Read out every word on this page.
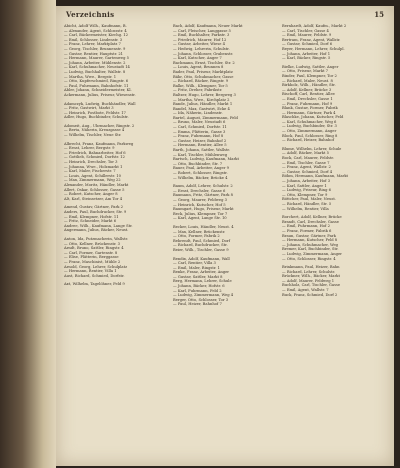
Verzeichnis	15
Abicht, Adolf Wilh., Kaufmann, B.
— Alexander, Agent, Schlossstr. 4
— Carl, Bäckermeister, Kirchg. 12
— Emil, Schlosser, Lindenstr. 3
— Franz, Lehrer, Marktplatz 7
— Georg, Tischler, Brunnenstr. 9
— Gustav, Rentier, Hauptstr. 21
— Hermann, Maurer, Gartenweg 5
— Johann, Arbeiter, Mühlenstr. 2
— Karl, Schuhmacher, Neustadt 14
— Ludwig, Buchhalter, Wallstr. 8
— Martha, Wwe., Bergstr. 1
— Otto, Kupferschmied, Ringstr. 6
— Paul, Fuhrmann, Bahnhofstr. 11
Abler, Johann, Schneidermeister, Kl.
Ackermann, Julius, Friseur, Wiesenstr.
Adamczyk, Ludwig, Buchhändler, Wall
— Fritz, Gastwirt, Markt 3
— Heinrich, Postbote, Feldstr. 17
Adler, Hugo, Buchbinder, Schulstr.
Adomeit, Aug., Uhrmacher, Ringstr. 2
— Berta, Näherin, Kreuzgasse 4
— Wilhelm, Tischler, Neue Str.
Albrecht, Franz, Kaufmann, Parkweg
— Ernst, Lehrer, Bergstr. 9
— Friedrich, Bahnarbeiter, Hof 6
— Gottlieb, Schmied, Dorfstr. 12
— Heinrich, Drechsler, Tor 3
— Johanna, Wwe., Holzmarkt 1
— Karl, Maler, Fischerstr. 7
— Louis, Agent, Schillerstr. 10
— Max, Zimmermann, Weg 22
Alexander, Moritz, Händler, Markt
Allert, Oskar, Schlosser, Gasse 5
— Robert, Kutscher, Anger 8
Alt, Karl, Steinsetzer, Am Tor 4
Amend, Gustav, Gärtner, Park 2
Anders, Paul, Buchdrucker, Str. 9
— Emil, Klempner, Hofstr. 11
— Fritz, Schneider, Markt 6
Andree, Wilh., Kaufmann, Lange Str.
Angermann, Julius, Bäcker, Neust.
Anton, Ida, Putzmacherin, Wallstr.
— Otto, Kellner, Brückenstr. 3
Arndt, Bruno, Sattler, Ringstr. 4
— Carl, Former, Gartenstr. 8
— Elise, Plätterin, Berggasse
— Franz, Maschinist, Mühle 2
Arnold, Georg, Lehrer, Schulplatz
— Hermann, Rentier, Villa 1
Aust, Richard, Schmied, Dorfstr.
Axt, Wilhelm, Tagelöhner, Feld 9
Bach, Adolf, Kaufmann, Neuer Markt
— Carl, Fleischer, Langgasse 5
— Emil, Buchhalter, Parkstr. 3
— Friedrich, Maurer, Hof 12
— Gustav, Arbeiter, Wiese 4
— Hedwig, Lehrerin, Schulstr.
— Johann, Schlosser, Grabenstr.
— Karl, Kutscher, Anger 7
Bachmann, Ernst, Tischler, Str. 2
— Louis, Agent, Brunnen 8
Bader, Paul, Friseur, Marktplatz
Bähr, Otto, Schuhmacher, Gasse
— Richard, Bäcker, Ringstr. 9
Balke, Wilh., Klempner, Tor 5
— Fritz, Dreher, Fabrikstr.
Baltzer, Hugo, Lehrer, Bergweg 3
— Martha, Wwe., Kirchplatz 2
Bande, Julius, Händler, Markt 1
Bandel, Max, Gastwirt, Ecke 4
— Ida, Näherin, Lindenstr.
Bartel, August, Zimmermann, Feld
— Bruno, Maler, Neustadt 6
— Carl, Schmied, Dorfstr. 11
— Emma, Plätterin, Gasse 3
— Franz, Fuhrmann, Hof 8
— Gustav, Heizer, Bahnhof 2
— Hermann, Rentier, Allee 5
Barth, Johann, Sattler, Wallstr.
— Karl, Tischler, Mühlenweg
Bartsch, Ludwig, Kaufmann, Markt
— Otto, Buchbinder, Str. 7
Bauer, Paul, Arbeiter, Anger 9
— Robert, Schlosser, Ringstr.
— Wilhelm, Bäcker, Brücke 4
Baum, Adolf, Lehrer, Schulstr. 2
— Ernst, Drechsler, Gasse 6
Baumann, Fritz, Gärtner, Park 8
— Georg, Maurer, Feldweg 3
— Heinrich, Kutscher, Hof 5
Baumgart, Hugo, Friseur, Markt
Beck, Julius, Klempner, Tor 7
— Karl, Agent, Lange Str. 10
Becker, Louis, Händler, Neust. 4
— Max, Kellner, Brückenstr.
— Otto, Former, Fabrik 2
Behrendt, Paul, Schmied, Dorf
— Richard, Buchdrucker, Str.
Beier, Wilh., Tischler, Gasse 9
Bendix, Adolf, Kaufmann, Wall
— Carl, Rentier, Villa 3
— Emil, Maler, Ringstr. 1
Benke, Franz, Arbeiter, Anger
— Gustav, Sattler, Markt 8
Berg, Hermann, Lehrer, Schule
— Johann, Bäcker, Hofstr. 6
— Karl, Fuhrmann, Feld 2
— Ludwig, Zimmermann, Weg 4
Berger, Otto, Schlosser, Tor 3
— Paul, Heizer, Bahnhof 7
Bernhardt, Adolf, Kaufm., Markt 2
— Carl, Tischler, Gasse 4
— Emil, Maurer, Feldstr. 9
Bertram, Franz, Agent, Wallstr.
— Gustav, Schmied, Dorf 6
Beyer, Hermann, Lehrer, Schulpl.
— Johann, Arbeiter, Hof 1
— Karl, Bäcker, Ringstr. 5
Bielke, Ludwig, Sattler, Anger
— Otto, Friseur, Markt 7
Binder, Paul, Klempner, Tor 2
— Richard, Maler, Neust. 8
Birkholz, Wilh., Händler, Str.
— Adolf, Kellner, Brücke 3
Bischoff, Carl, Rentier, Allee
— Emil, Drechsler, Gasse 1
— Franz, Fuhrmann, Hof 9
Blank, Gustav, Former, Fabrik
— Hermann, Gärtner, Park 4
Blaschke, Johann, Kutscher, Feld
— Karl, Schuhmacher, Weg 6
— Ludwig, Buchbinder, Str. 3
— Otto, Zimmermann, Anger
Block, Paul, Schlosser, Ring 8
— Richard, Heizer, Bahnhof
Blume, Wilhelm, Lehrer, Schule
— Adolf, Bäcker, Markt 5
Bock, Carl, Maurer, Feldstr.
— Emil, Tischler, Gasse 7
— Franz, Agent, Wallstr. 2
— Gustav, Schmied, Dorf 4
Böhm, Hermann, Kaufmann, Markt
— Johann, Arbeiter, Hof 3
— Karl, Sattler, Anger 1
— Ludwig, Friseur, Ring 6
— Otto, Klempner, Tor 9
Böttcher, Paul, Maler, Neust.
— Richard, Händler, Str. 5
— Wilhelm, Rentier, Villa
Borchert, Adolf, Kellner, Brücke
Brandt, Carl, Drechsler, Gasse
— Emil, Fuhrmann, Hof 2
— Franz, Former, Fabrik 6
Braun, Gustav, Gärtner, Park
— Hermann, Kutscher, Feld 8
— Johann, Schuhmacher, Weg
Bremer, Karl, Buchbinder, Str.
— Ludwig, Zimmermann, Anger
— Otto, Schlosser, Ringstr. 4
Brinkmann, Paul, Heizer, Bahn
— Richard, Lehrer, Schulstr.
Brückner, Wilh., Bäcker, Markt
— Adolf, Maurer, Feldweg 1
Buchholz, Carl, Tischler, Gasse
— Emil, Agent, Wallstr. 7
Buck, Franz, Schmied, Dorf 2
